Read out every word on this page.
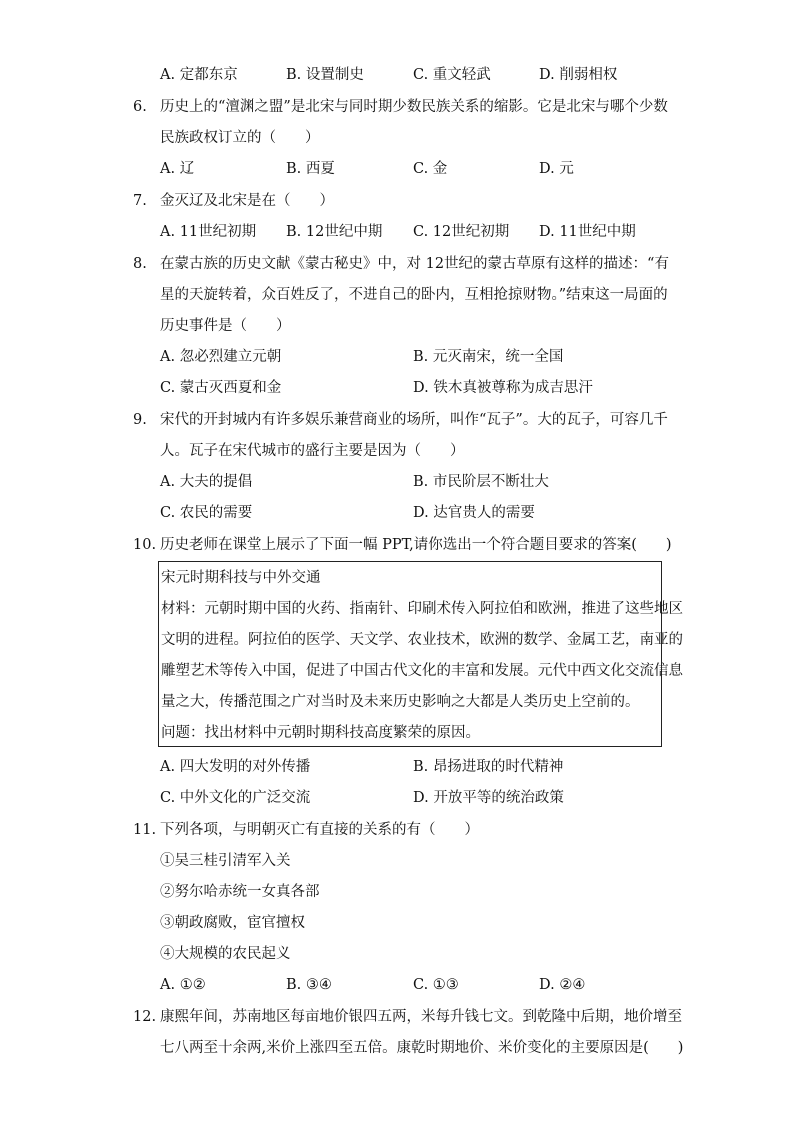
A. 定都东京	B. 设置制史	C. 重文轻武	D. 削弱相权
6. 历史上的“澶渊之盟”是北宋与同时期少数民族关系的缩影。它是北宋与哪个少数
民族政权订立的（　　）
A. 辽	B. 西夏	C. 金	D. 元
7. 金灭辽及北宋是在（　　）
A. 11世纪初期 B. 12世纪中期 C. 12世纪初期 D. 11世纪中期
8. 在蒙古族的历史文献《蒙古秘史》中，对 12世纪的蒙古草原有这样的描述：“有
星的天旋转着，众百姓反了，不进自己的卧内，互相抢掠财物。”结束这一局面的
历史事件是（　　）
A. 忽必烈建立元朝	B. 元灭南宋，统一全国
C. 蒙古灭西夏和金	D. 铁木真被尊称为成吉思汗
9. 宋代的开封城内有许多娱乐兼营商业的场所，叫作“瓦子”。大的瓦子，可容几千
人。瓦子在宋代城市的盛行主要是因为（　　）
A. 大夫的提倡	B. 市民阶层不断壮大
C. 农民的需要	D. 达官贵人的需要
10. 历史老师在课堂上展示了下面一幅 PPT,请你选出一个符合题目要求的答案(　　)
宋元时期科技与中外交通
材料：元朝时期中国的火药、指南针、印刷术传入阿拉伯和欧洲，推进了这些地区
文明的进程。阿拉伯的医学、天文学、农业技术，欧洲的数学、金属工艺，南亚的
雕塑艺术等传入中国，促进了中国古代文化的丰富和发展。元代中西文化交流信息
量之大，传播范围之广对当时及未来历史影响之大都是人类历史上空前的。
问题：找出材料中元朝时期科技高度繁荣的原因。
A. 四大发明的对外传播	B. 昂扬进取的时代精神
C. 中外文化的广泛交流	D. 开放平等的统治政策
11. 下列各项，与明朝灭亡有直接的关系的有（　　）
①吴三桂引清军入关
②努尔哈赤统一女真各部
③朝政腐败，宦官擅权
④大规模的农民起义
A. ①②	B. ③④	C. ①③	D. ②④
12. 康熙年间，苏南地区每亩地价银四五两，米每升钱七文。到乾隆中后期，地价增至
七八两至十余两,米价上涨四至五倍。康乾时期地价、米价变化的主要原因是(　　)
